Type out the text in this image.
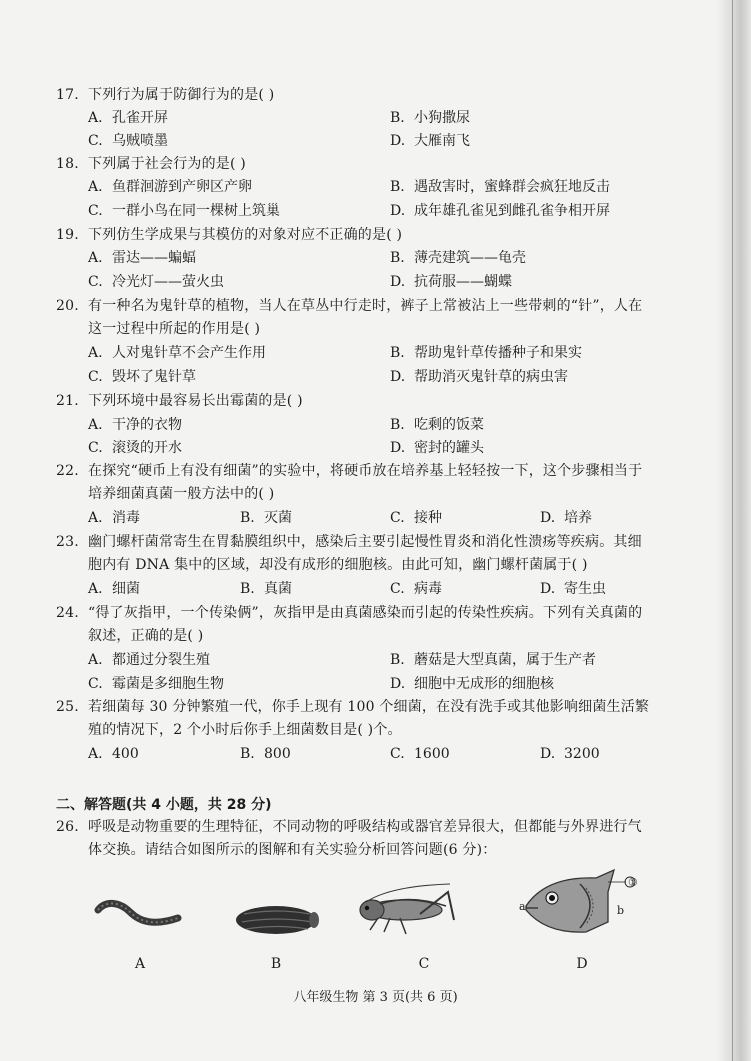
17. 下列行为属于防御行为的是( )
A. 孔雀开屏	B. 小狗撒尿
C. 乌贼喷墨	D. 大雁南飞
18. 下列属于社会行为的是( )
A. 鱼群洄游到产卵区产卵	B. 遇敌害时，蜜蜂群会疯狂地反击
C. 一群小鸟在同一棵树上筑巢	D. 成年雄孔雀见到雌孔雀争相开屏
19. 下列仿生学成果与其模仿的对象对应不正确的是( )
A. 雷达——蝙蝠	B. 薄壳建筑——龟壳
C. 冷光灯——萤火虫	D. 抗荷服——蝴蝶
20. 有一种名为鬼针草的植物，当人在草丛中行走时，裤子上常被沾上一些带刺的“针”，人在
这一过程中所起的作用是( )
A. 人对鬼针草不会产生作用	B. 帮助鬼针草传播种子和果实
C. 毁坏了鬼针草	D. 帮助消灭鬼针草的病虫害
21. 下列环境中最容易长出霉菌的是( )
A. 干净的衣物	B. 吃剩的饭菜
C. 滚烫的开水	D. 密封的罐头
22. 在探究“硬币上有没有细菌”的实验中，将硬币放在培养基上轻轻按一下，这个步骤相当于
培养细菌真菌一般方法中的( )
A. 消毒	B. 灭菌	C. 接种	D. 培养
23. 幽门螺杆菌常寄生在胃黏膜组织中，感染后主要引起慢性胃炎和消化性溃疡等疾病。其细
胞内有 DNA 集中的区域，却没有成形的细胞核。由此可知，幽门螺杆菌属于( )
A. 细菌	B. 真菌	C. 病毒	D. 寄生虫
24. “得了灰指甲，一个传染俩”，灰指甲是由真菌感染而引起的传染性疾病。下列有关真菌的
叙述，正确的是( )
A. 都通过分裂生殖	B. 蘑菇是大型真菌，属于生产者
C. 霉菌是多细胞生物	D. 细胞中无成形的细胞核
25. 若细菌每 30 分钟繁殖一代，你手上现有 100 个细菌，在没有洗手或其他影响细菌生活繁
殖的情况下，2 个小时后你手上细菌数目是( )个。
A. 400	B. 800	C. 1600	D. 3200
二、解答题(共 4 小题，共 28 分)
26. 呼吸是动物重要的生理特征，不同动物的呼吸结构或器官差异很大，但都能与外界进行气
体交换。请结合如图所示的图解和有关实验分析回答问题(6 分)：
A	B	C
①
a	b
D
八年级生物 第 3 页(共 6 页)
